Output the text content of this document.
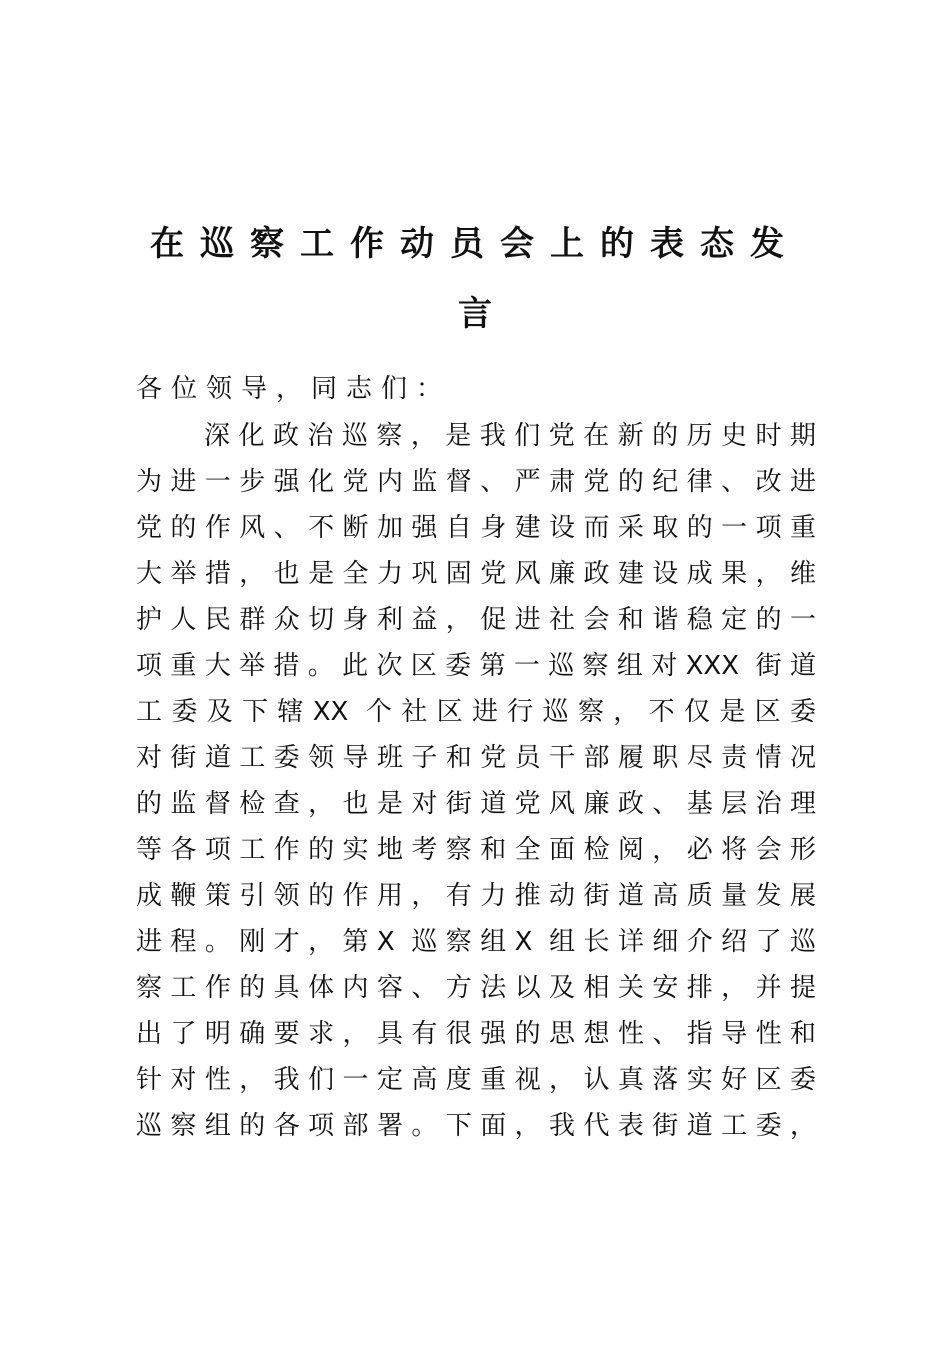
在巡察工作动员会上的表态发
言
各位领导，同志们：
深化政治巡察，是我们党在新的历史时期
为进一步强化党内监督、严肃党的纪律、改进
党的作风、不断加强自身建设而采取的一项重
大举措，也是全力巩固党风廉政建设成果，维
护人民群众切身利益，促进社会和谐稳定的一
项重大举措。此次区委第一巡察组对XXX 街道
工委及下辖XX 个社区进行巡察，不仅是区委
对街道工委领导班子和党员干部履职尽责情况
的监督检查，也是对街道党风廉政、基层治理
等各项工作的实地考察和全面检阅，必将会形
成鞭策引领的作用，有力推动街道高质量发展
进程。刚才，第X 巡察组X 组长详细介绍了巡
察工作的具体内容、方法以及相关安排，并提
出了明确要求，具有很强的思想性、指导性和
针对性，我们一定高度重视，认真落实好区委
巡察组的各项部署。下面，我代表街道工委，
